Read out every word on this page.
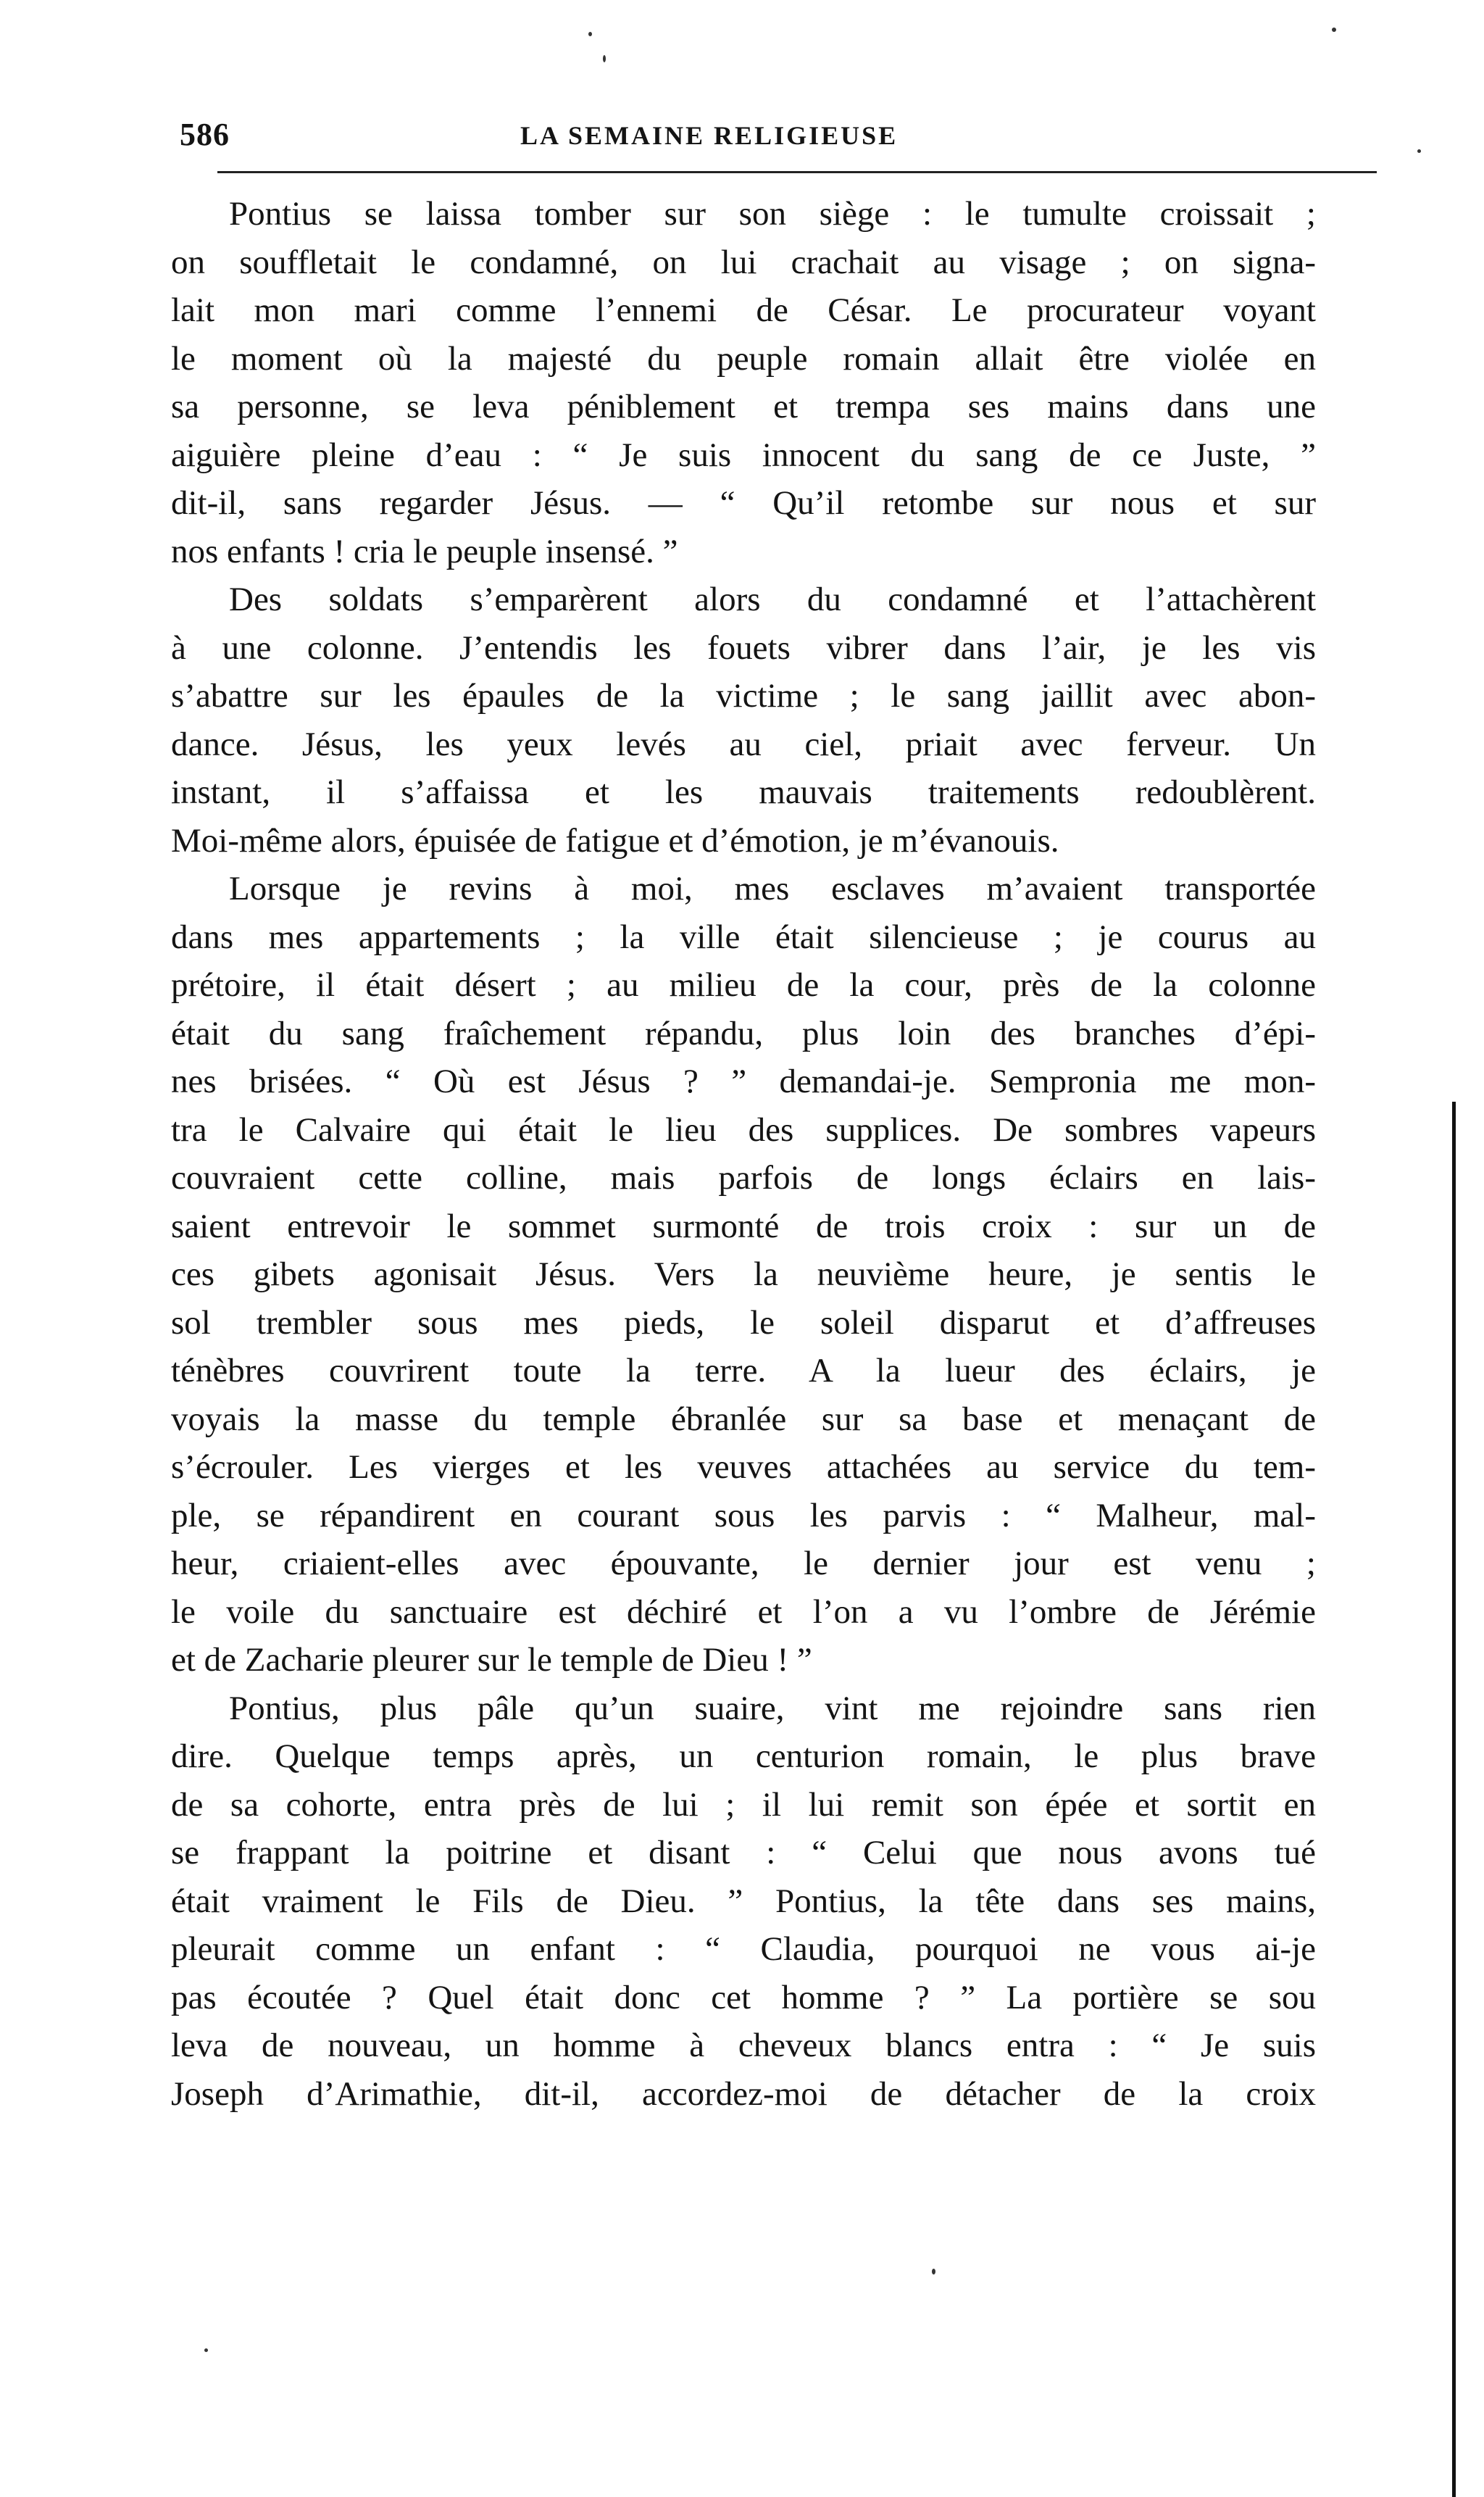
586	LA SEMAINE RELIGIEUSE

Pontius se laissa tomber sur son siège : le tumulte croissait ;
on souffletait le condamné, on lui crachait au visage ; on signa-
lait mon mari comme l’ennemi de César. Le procurateur voyant
le moment où la majesté du peuple romain allait être violée en
sa personne, se leva péniblement et trempa ses mains dans une
aiguière pleine d’eau : “ Je suis innocent du sang de ce Juste, ”
dit-il, sans regarder Jésus. — “ Qu’il retombe sur nous et sur
nos enfants ! cria le peuple insensé. ”

Des soldats s’emparèrent alors du condamné et l’attachèrent
à une colonne. J’entendis les fouets vibrer dans l’air, je les vis
s’abattre sur les épaules de la victime ; le sang jaillit avec abon-
dance. Jésus, les yeux levés au ciel, priait avec ferveur. Un
instant, il s’affaissa et les mauvais traitements redoublèrent.
Moi-même alors, épuisée de fatigue et d’émotion, je m’évanouis.

Lorsque je revins à moi, mes esclaves m’avaient transportée
dans mes appartements ; la ville était silencieuse ; je courus au
prétoire, il était désert ; au milieu de la cour, près de la colonne
était du sang fraîchement répandu, plus loin des branches d’épi-
nes brisées. “ Où est Jésus ? ” demandai-je. Sempronia me mon-
tra le Calvaire qui était le lieu des supplices. De sombres vapeurs
couvraient cette colline, mais parfois de longs éclairs en lais-
saient entrevoir le sommet surmonté de trois croix : sur un de
ces gibets agonisait Jésus. Vers la neuvième heure, je sentis le
sol trembler sous mes pieds, le soleil disparut et d’affreuses
ténèbres couvrirent toute la terre. A la lueur des éclairs, je
voyais la masse du temple ébranlée sur sa base et menaçant de
s’écrouler. Les vierges et les veuves attachées au service du tem-
ple, se répandirent en courant sous les parvis : “ Malheur, mal-
heur, criaient-elles avec épouvante, le dernier jour est venu ;
le voile du sanctuaire est déchiré et l’on a vu l’ombre de Jérémie
et de Zacharie pleurer sur le temple de Dieu ! ”

Pontius, plus pâle qu’un suaire, vint me rejoindre sans rien
dire. Quelque temps après, un centurion romain, le plus brave
de sa cohorte, entra près de lui ; il lui remit son épée et sortit en
se frappant la poitrine et disant : “ Celui que nous avons tué
était vraiment le Fils de Dieu. ” Pontius, la tête dans ses mains,
pleurait comme un enfant : “ Claudia, pourquoi ne vous ai-je
pas écoutée ? Quel était donc cet homme ? ” La portière se sou
leva de nouveau, un homme à cheveux blancs entra : “ Je suis
Joseph d’Arimathie, dit-il, accordez-moi de détacher de la croix
